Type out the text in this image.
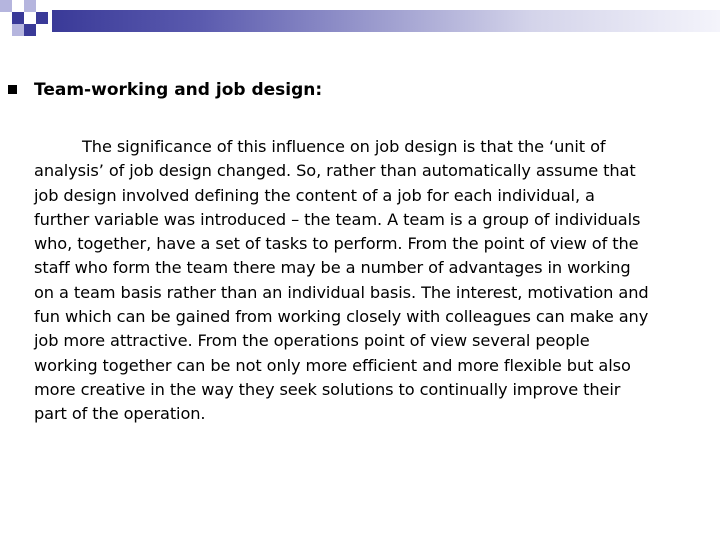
Team-working and job design:
The significance of this influence on job design is that the ‘unit of
analysis’ of job design changed. So, rather than automatically assume that
job design involved defining the content of a job for each individual, a
further variable was introduced – the team. A team is a group of individuals
who, together, have a set of tasks to perform. From the point of view of the
staff who form the team there may be a number of advantages in working
on a team basis rather than an individual basis. The interest, motivation and
fun which can be gained from working closely with colleagues can make any
job more attractive. From the operations point of view several people
working together can be not only more efficient and more flexible but also
more creative in the way they seek solutions to continually improve their
part of the operation.
